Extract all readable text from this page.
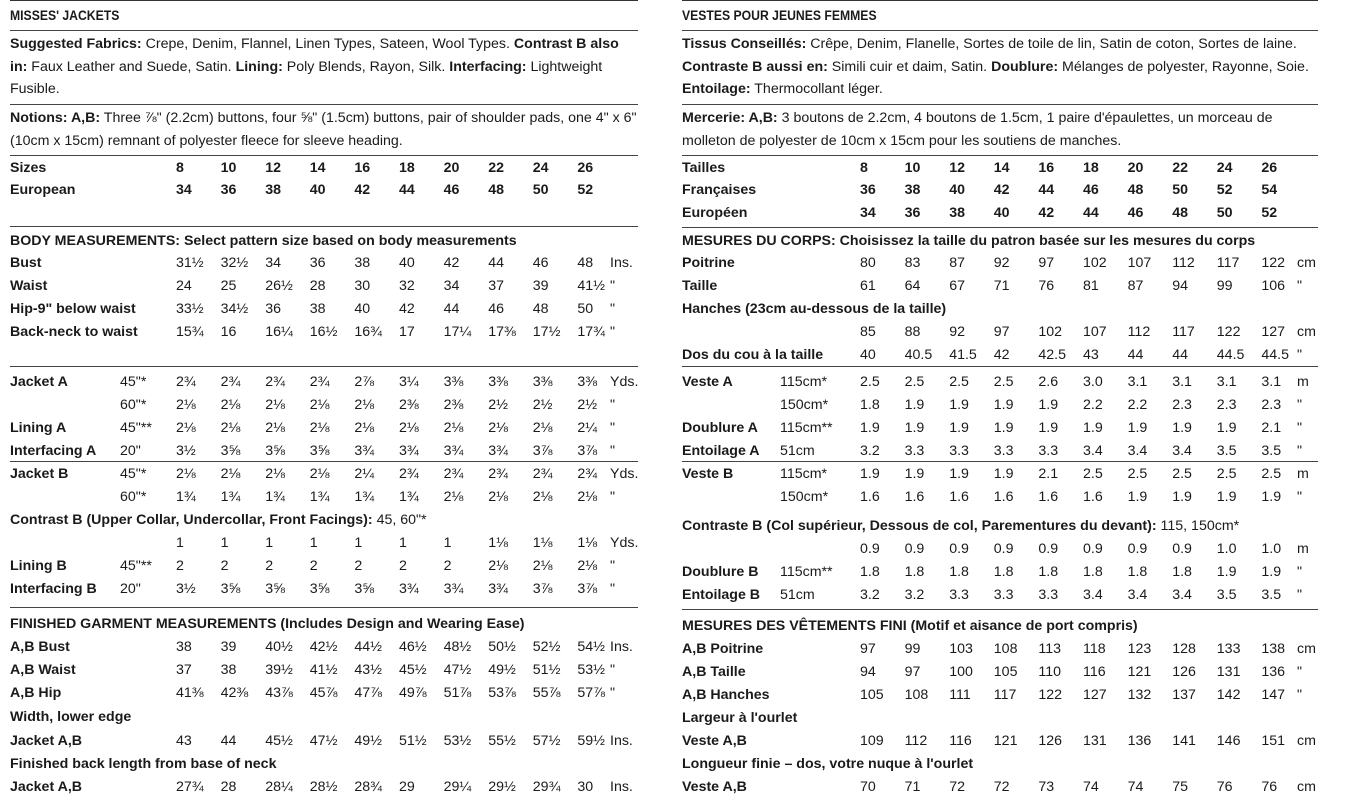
MISSES' JACKETS
Suggested Fabrics: Crepe, Denim, Flannel, Linen Types, Sateen, Wool Types. Contrast B also in: Faux Leather and Suede, Satin. Lining: Poly Blends, Rayon, Silk. Interfacing: Lightweight Fusible.
Notions: A,B: Three ⅞" (2.2cm) buttons, four ⅝" (1.5cm) buttons, pair of shoulder pads, one 4" x 6" (10cm x 15cm) remnant of polyester fleece for sleeve heading.
Sizes	8	10 12 14 16 18 20 22 24 26
European	34 36 38 40 42 44 46 48 50 52
BODY MEASUREMENTS: Select pattern size based on body measurements
Bust	31½ 32½ 34 36 38 40 42 44 46 48 Ins.
Waist	24 25 26½ 28 30 32 34 37 39 41½ "
Hip-9" below waist	33½ 34½ 36 38 40 42 44 46 48 50 "
Back-neck to waist	15¾ 16 16¼ 16½ 16¾ 17 17¼ 17⅜ 17½ 17¾ "
Jacket A	45"* 2¾ 2¾ 2¾ 2¾ 2⅞ 3¼ 3⅜ 3⅜ 3⅜ 3⅜ Yds.
60"* 2⅛ 2⅛ 2⅛ 2⅛ 2⅛ 2⅜ 2⅜ 2½ 2½ 2½ "
Lining A	45"** 2⅛ 2⅛ 2⅛ 2⅛ 2⅛ 2⅛ 2⅛ 2⅛ 2⅛ 2¼ "
Interfacing A 20" 3½ 3⅝ 3⅝ 3⅝ 3¾ 3¾ 3¾ 3¾ 3⅞ 3⅞ "
Jacket B	45"* 2⅛ 2⅛ 2⅛ 2⅛ 2¼ 2¾ 2¾ 2¾ 2¾ 2¾ Yds.
60"* 1¾ 1¾ 1¾ 1¾ 1¾ 1¾ 2⅛ 2⅛ 2⅛ 2⅛ "
Contrast B (Upper Collar, Undercollar, Front Facings): 45, 60"*
1	1	1	1	1	1	1	1⅛ 1⅛ 1⅛ Yds.
Lining B	45"** 2	2	2	2	2	2	2	2⅛ 2⅛ 2⅛ "
Interfacing B 20" 3½ 3⅝ 3⅝ 3⅝ 3⅝ 3¾ 3¾ 3¾ 3⅞ 3⅞ "
FINISHED GARMENT MEASUREMENTS (Includes Design and Wearing Ease)
A,B Bust	38 39 40½ 42½ 44½ 46½ 48½ 50½ 52½ 54½ Ins.
A,B Waist	37 38 39½ 41½ 43½ 45½ 47½ 49½ 51½ 53½ "
A,B Hip	41⅜ 42⅜ 43⅞ 45⅞ 47⅞ 49⅞ 51⅞ 53⅞ 55⅞ 57⅞ "
Width, lower edge
Jacket A,B	43 44 45½ 47½ 49½ 51½ 53½ 55½ 57½ 59½ Ins.
Finished back length from base of neck
Jacket A,B	27¾ 28 28¼ 28½ 28¾ 29 29¼ 29½ 29¾ 30 Ins.
VESTES POUR JEUNES FEMMES
Tissus Conseillés: Crêpe, Denim, Flanelle, Sortes de toile de lin, Satin de coton, Sortes de laine. Contraste B aussi en: Simili cuir et daim, Satin. Doublure: Mélanges de polyester, Rayonne, Soie. Entoilage: Thermocollant léger.
Mercerie: A,B: 3 boutons de 2.2cm, 4 boutons de 1.5cm, 1 paire d'épaulettes, un morceau de molleton de polyester de 10cm x 15cm pour les soutiens de manches.
Tailles	8	10 12 14 16 18 20 22 24 26
Françaises	36 38 40 42 44 46 48 50 52 54
Européen	34 36 38 40 42 44 46 48 50 52
MESURES DU CORPS: Choisissez la taille du patron basée sur les mesures du corps
Poitrine	80 83 87 92 97 102 107 112 117 122 cm
Taille	61 64 67 71 76 81 87 94 99 106 "
Hanches (23cm au-dessous de la taille)
85 88 92 97 102 107 112 117 122 127 cm
Dos du cou à la taille	40 40.5 41.5 42 42.5 43 44 44 44.5 44.5 "
Veste A	115cm* 2.5 2.5 2.5 2.5 2.6 3.0 3.1 3.1 3.1 3.1 m
150cm* 1.8 1.9 1.9 1.9 1.9 2.2 2.2 2.3 2.3 2.3 "
Doublure A 115cm** 1.9 1.9 1.9 1.9 1.9 1.9 1.9 1.9 1.9 2.1 "
Entoilage A 51cm	3.2 3.3 3.3 3.3 3.3 3.4 3.4 3.4 3.5 3.5 "
Veste B	115cm* 1.9 1.9 1.9 1.9 2.1 2.5 2.5 2.5 2.5 2.5 m
150cm* 1.6 1.6 1.6 1.6 1.6 1.6 1.9 1.9 1.9 1.9 "
Contraste B (Col supérieur, Dessous de col, Parementures du devant): 115, 150cm*
0.9 0.9 0.9 0.9 0.9 0.9 0.9 0.9 1.0 1.0 m
Doublure B 115cm** 1.8 1.8 1.8 1.8 1.8 1.8 1.8 1.8 1.9 1.9 "
Entoilage B 51cm	3.2 3.2 3.3 3.3 3.3 3.4 3.4 3.4 3.5 3.5 "
MESURES DES VÊTEMENTS FINI (Motif et aisance de port compris)
A,B Poitrine	97 99 103 108 113 118 123 128 133 138 cm
A,B Taille	94 97 100 105 110 116 121 126 131 136 "
A,B Hanches	105 108 111 117 122 127 132 137 142 147 "
Largeur à l'ourlet
Veste A,B	109 112 116 121 126 131 136 141 146 151 cm
Longueur finie – dos, votre nuque à l'ourlet
Veste A,B	70 71 72 72 73 74 74 75 76 76 cm
